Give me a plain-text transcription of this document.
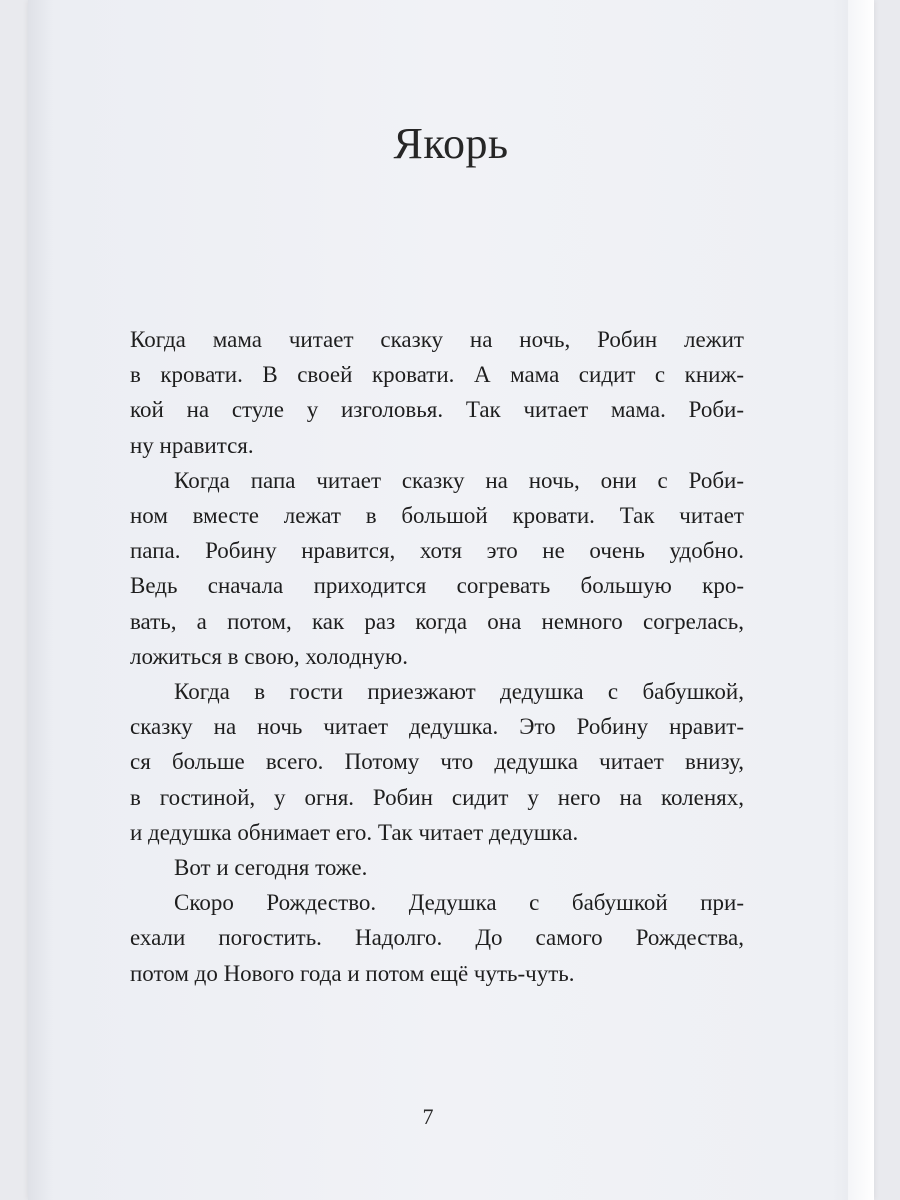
Якорь
Когда мама читает сказку на ночь, Робин лежит
в кровати. В своей кровати. А мама сидит с книж-
кой на стуле у изголовья. Так читает мама. Роби-
ну нравится.
Когда папа читает сказку на ночь, они с Роби-
ном вместе лежат в большой кровати. Так читает
папа. Робину нравится, хотя это не очень удобно.
Ведь сначала приходится согревать большую кро-
вать, а потом, как раз когда она немного согрелась,
ложиться в свою, холодную.
Когда в гости приезжают дедушка с бабушкой,
сказку на ночь читает дедушка. Это Робину нравит-
ся больше всего. Потому что дедушка читает внизу,
в гостиной, у огня. Робин сидит у него на коленях,
и дедушка обнимает его. Так читает дедушка.
Вот и сегодня тоже.
Скоро Рождество. Дедушка с бабушкой при-
ехали погостить. Надолго. До самого Рождества,
потом до Нового года и потом ещё чуть-чуть.
7
